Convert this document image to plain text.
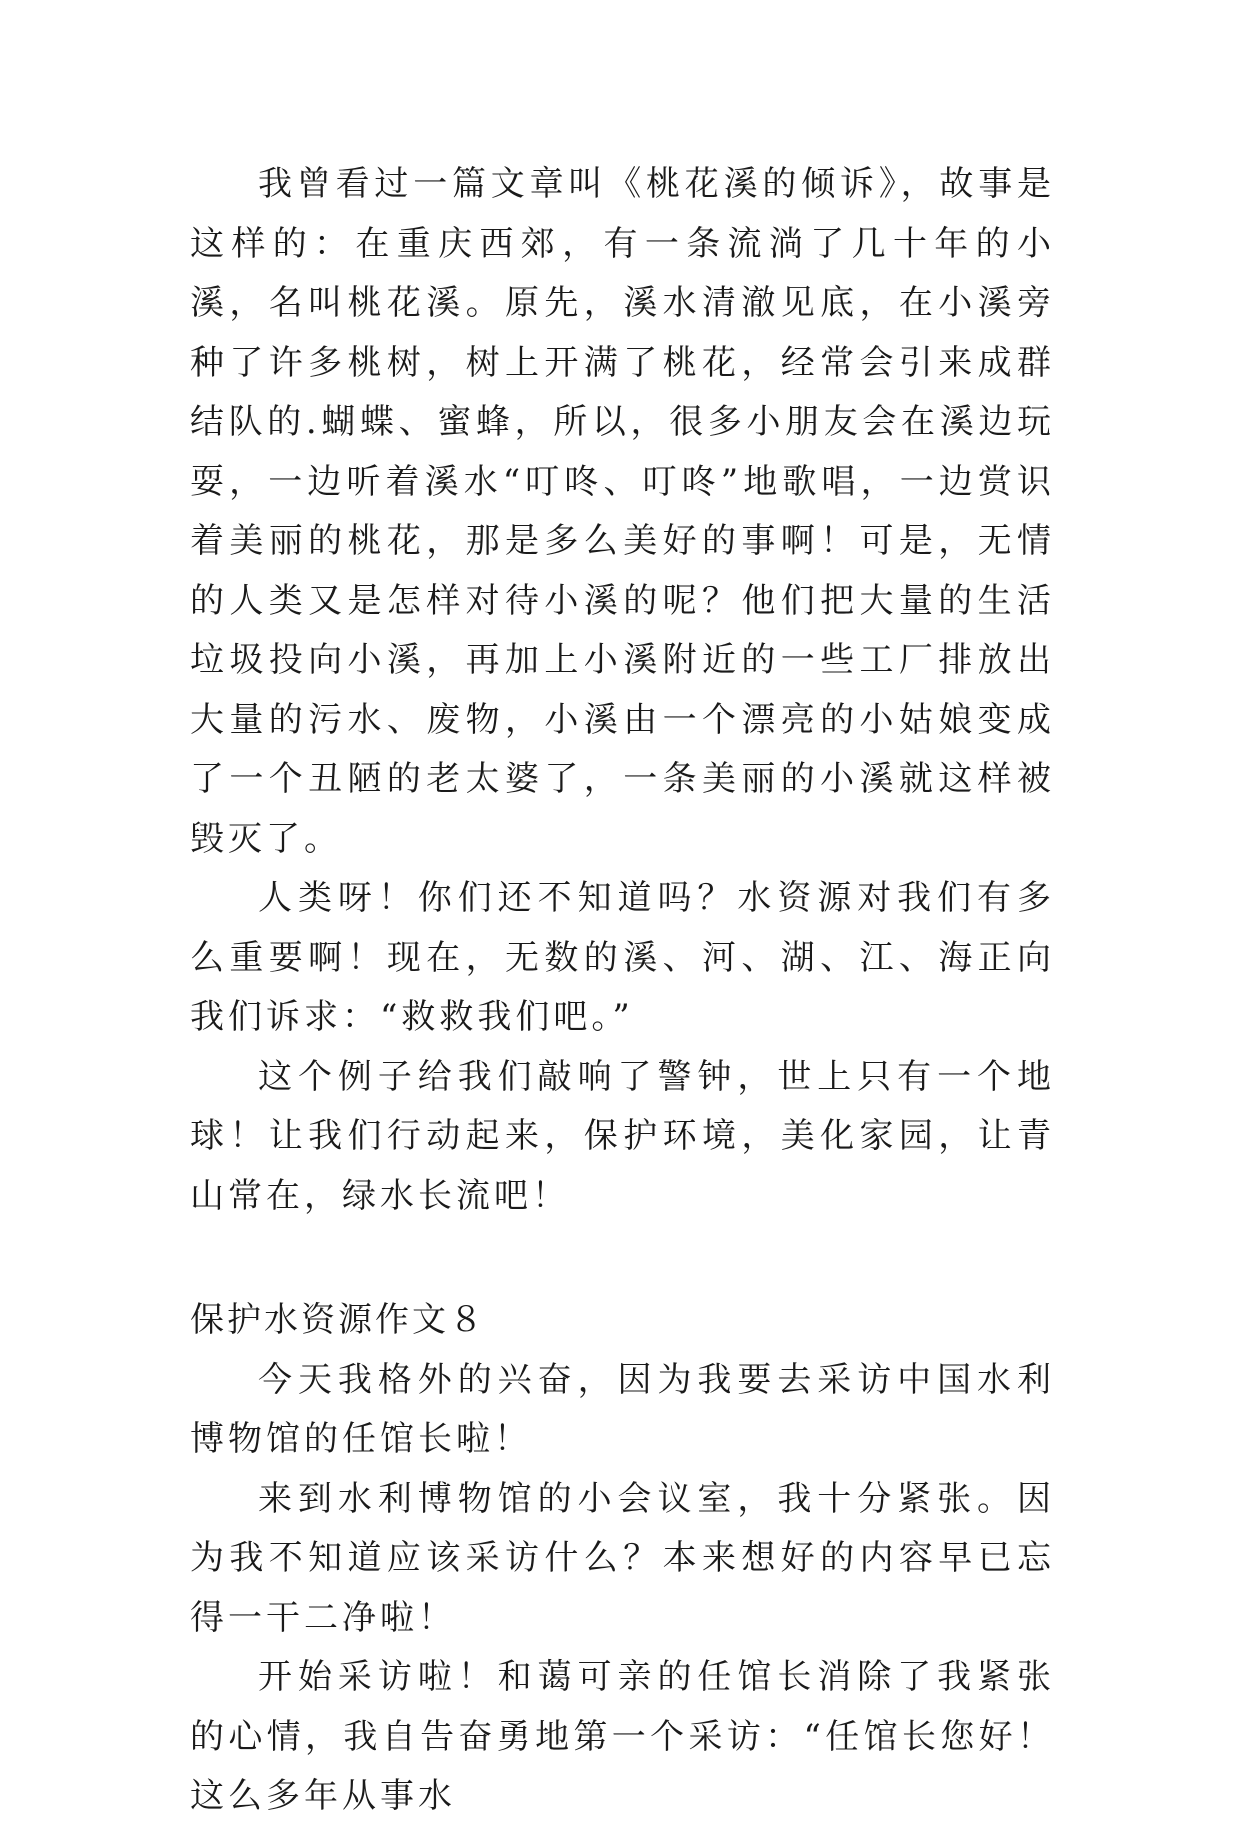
我曾看过一篇文章叫《桃花溪的倾诉》，故事是这样的：在重庆西郊，有一条流淌了几十年的小溪，名叫桃花溪。原先，溪水清澈见底，在小溪旁种了许多桃树，树上开满了桃花，经常会引来成群结队的.蝴蝶、蜜蜂，所以，很多小朋友会在溪边玩耍，一边听着溪水“叮咚、叮咚”地歌唱，一边赏识着美丽的桃花，那是多么美好的事啊！可是，无情的人类又是怎样对待小溪的呢？他们把大量的生活垃圾投向小溪，再加上小溪附近的一些工厂排放出大量的污水、废物，小溪由一个漂亮的小姑娘变成了一个丑陋的老太婆了，一条美丽的小溪就这样被毁灭了。

人类呀！你们还不知道吗？水资源对我们有多么重要啊！现在，无数的溪、河、湖、江、海正向我们诉求：“救救我们吧。”

这个例子给我们敲响了警钟，世上只有一个地球！让我们行动起来，保护环境，美化家园，让青山常在，绿水长流吧！

保护水资源作文８

今天我格外的兴奋，因为我要去采访中国水利博物馆的任馆长啦！

来到水利博物馆的小会议室，我十分紧张。因为我不知道应该采访什么？本来想好的内容早已忘得一干二净啦！

开始采访啦！和蔼可亲的任馆长消除了我紧张的心情，我自告奋勇地第一个采访：“任馆长您好！这么多年从事水
